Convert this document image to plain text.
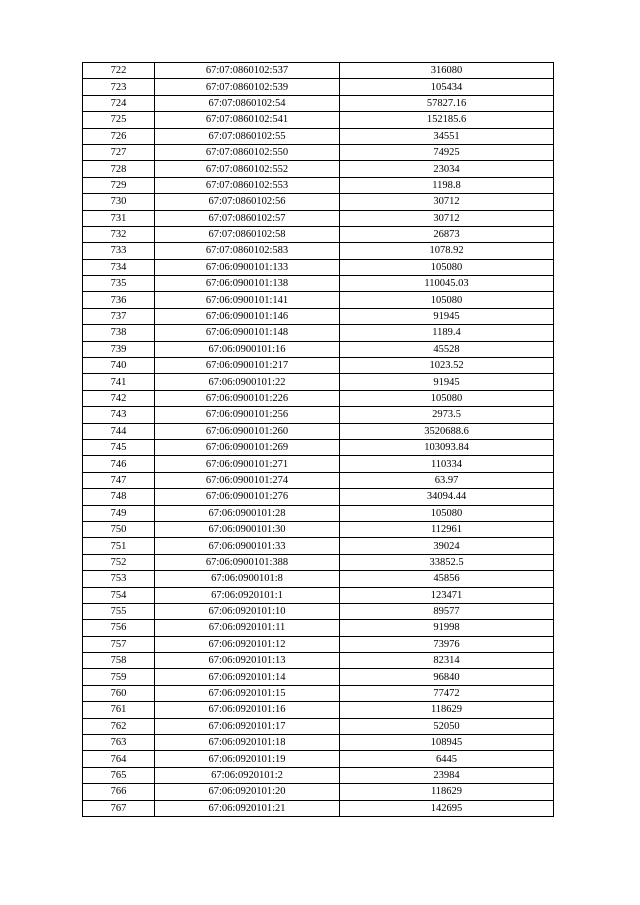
722	67:07:0860102:537	316080
723	67:07:0860102:539	105434
724	67:07:0860102:54	57827.16
725	67:07:0860102:541	152185.6
726	67:07:0860102:55	34551
727	67:07:0860102:550	74925
728	67:07:0860102:552	23034
729	67:07:0860102:553	1198.8
730	67:07:0860102:56	30712
731	67:07:0860102:57	30712
732	67:07:0860102:58	26873
733	67:07:0860102:583	1078.92
734	67:06:0900101:133	105080
735	67:06:0900101:138	110045.03
736	67:06:0900101:141	105080
737	67:06:0900101:146	91945
738	67:06:0900101:148	1189.4
739	67:06:0900101:16	45528
740	67:06:0900101:217	1023.52
741	67:06:0900101:22	91945
742	67:06:0900101:226	105080
743	67:06:0900101:256	2973.5
744	67:06:0900101:260	3520688.6
745	67:06:0900101:269	103093.84
746	67:06:0900101:271	110334
747	67:06:0900101:274	63.97
748	67:06:0900101:276	34094.44
749	67:06:0900101:28	105080
750	67:06:0900101:30	112961
751	67:06:0900101:33	39024
752	67:06:0900101:388	33852.5
753	67:06:0900101:8	45856
754	67:06:0920101:1	123471
755	67:06:0920101:10	89577
756	67:06:0920101:11	91998
757	67:06:0920101:12	73976
758	67:06:0920101:13	82314
759	67:06:0920101:14	96840
760	67:06:0920101:15	77472
761	67:06:0920101:16	118629
762	67:06:0920101:17	52050
763	67:06:0920101:18	108945
764	67:06:0920101:19	6445
765	67:06:0920101:2	23984
766	67:06:0920101:20	118629
767	67:06:0920101:21	142695
